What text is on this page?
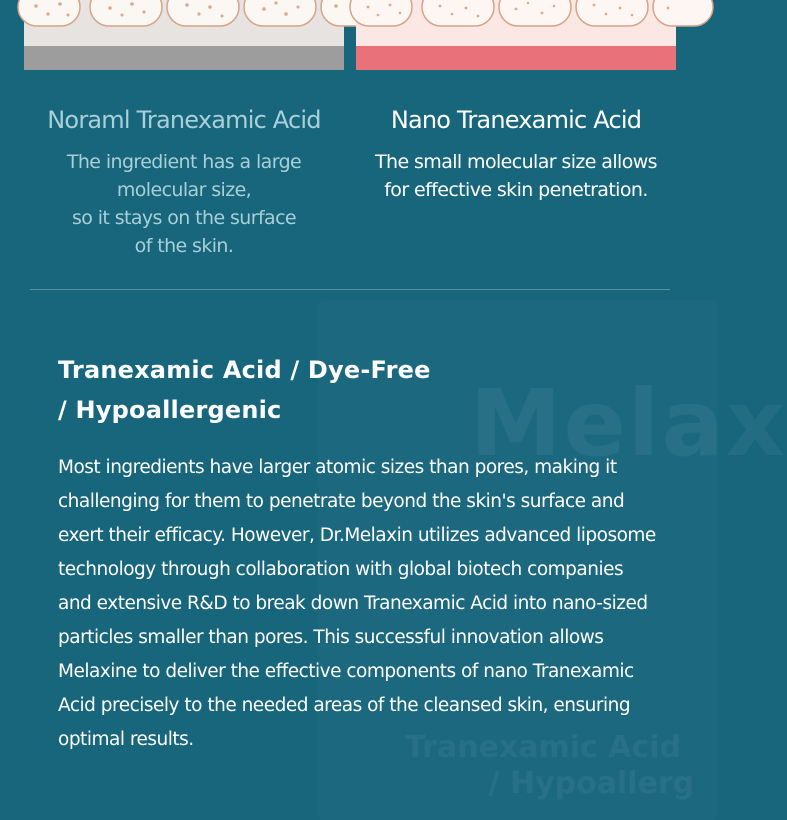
Melax
Tranexamic Acid
/ Hypoallerg
Noraml Tranexamic Acid
The ingredient has a large
molecular size,
so it stays on the surface
of the skin.
Nano Tranexamic Acid
The small molecular size allows
for effective skin penetration.
Tranexamic Acid / Dye-Free
/ Hypoallergenic
Most ingredients have larger atomic sizes than pores, making it
challenging for them to penetrate beyond the skin's surface and
exert their efficacy. However, Dr.Melaxin utilizes advanced liposome
technology through collaboration with global biotech companies
and extensive R&D to break down Tranexamic Acid into nano-sized
particles smaller than pores. This successful innovation allows
Melaxine to deliver the effective components of nano Tranexamic
Acid precisely to the needed areas of the cleansed skin, ensuring
optimal results.
